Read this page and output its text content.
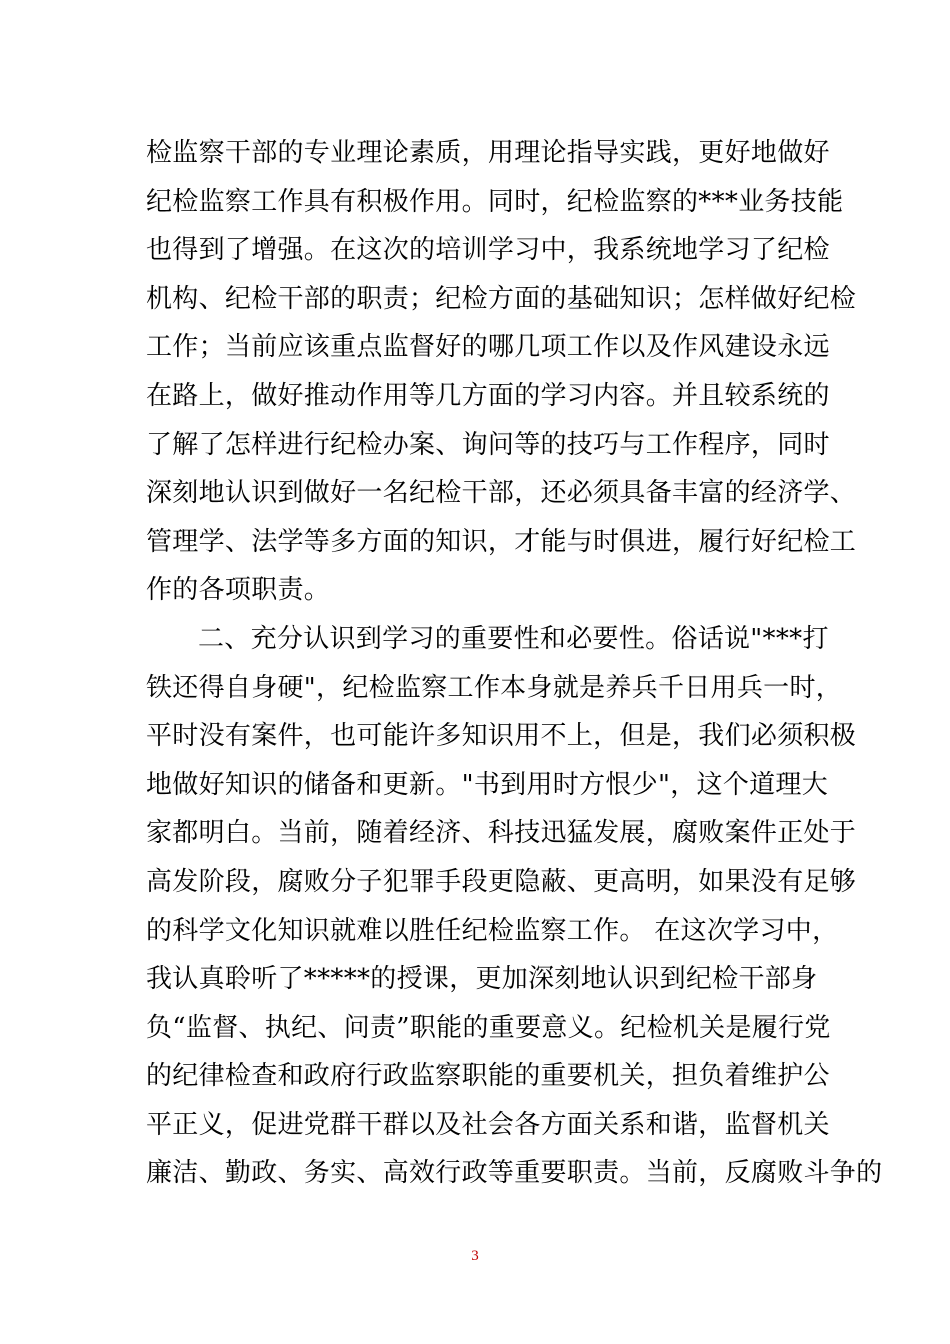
检监察干部的专业理论素质，用理论指导实践，更好地做好
纪检监察工作具有积极作用。同时，纪检监察的***业务技能
也得到了增强。在这次的培训学习中，我系统地学习了纪检
机构、纪检干部的职责；纪检方面的基础知识；怎样做好纪检
工作；当前应该重点监督好的哪几项工作以及作风建设永远
在路上，做好推动作用等几方面的学习内容。并且较系统的
了解了怎样进行纪检办案、询问等的技巧与工作程序，同时
深刻地认识到做好一名纪检干部，还必须具备丰富的经济学、
管理学、法学等多方面的知识，才能与时俱进，履行好纪检工
作的各项职责。
二、充分认识到学习的重要性和必要性。俗话说"***打
铁还得自身硬"，纪检监察工作本身就是养兵千日用兵一时，
平时没有案件，也可能许多知识用不上，但是，我们必须积极
地做好知识的储备和更新。"书到用时方恨少"，这个道理大
家都明白。当前，随着经济、科技迅猛发展，腐败案件正处于
高发阶段，腐败分子犯罪手段更隐蔽、更高明，如果没有足够
的科学文化知识就难以胜任纪检监察工作。 在这次学习中，
我认真聆听了*****的授课，更加深刻地认识到纪检干部身
负“监督、执纪、问责”职能的重要意义。纪检机关是履行党
的纪律检查和政府行政监察职能的重要机关，担负着维护公
平正义，促进党群干群以及社会各方面关系和谐，监督机关
廉洁、勤政、务实、高效行政等重要职责。当前，反腐败斗争的
3
